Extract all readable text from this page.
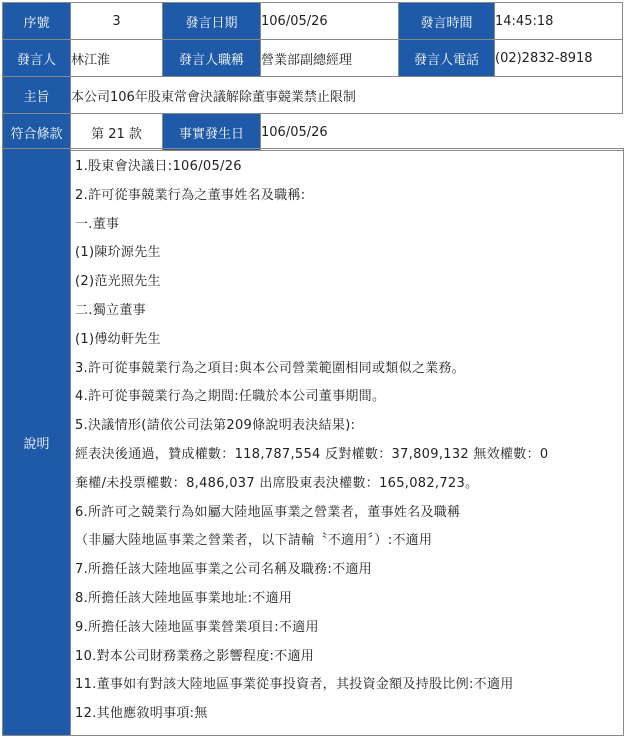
序號	3	發言日期	106/05/26	發言時間	14:45:18
發言人	林江淮	發言人職稱	營業部副總經理	發言人電話	(02)2832-8918
主旨	本公司106年股東常會決議解除董事競業禁止限制				
符合條款	第 21 款	事實發生日	106/05/26		
說明
1.股東會決議日:106/05/26
2.許可從事競業行為之董事姓名及職稱:
一.董事
(1)陳玠源先生
(2)范光照先生
二.獨立董事
(1)傅幼軒先生
3.許可從事競業行為之項目:與本公司營業範圍相同或類似之業務。
4.許可從事競業行為之期間:任職於本公司董事期間。
5.決議情形(請依公司法第209條說明表決結果):
經表決後通過，贊成權數：118,787,554 反對權數：37,809,132 無效權數：0
棄權/未投票權數：8,486,037 出席股東表決權數：165,082,723。
6.所許可之競業行為如屬大陸地區事業之營業者，董事姓名及職稱
（非屬大陸地區事業之營業者，以下請輸〝不適用〞）:不適用
7.所擔任該大陸地區事業之公司名稱及職務:不適用
8.所擔任該大陸地區事業地址:不適用
9.所擔任該大陸地區事業營業項目:不適用
10.對本公司財務業務之影響程度:不適用
11.董事如有對該大陸地區事業從事投資者，其投資金額及持股比例:不適用
12.其他應敘明事項:無
